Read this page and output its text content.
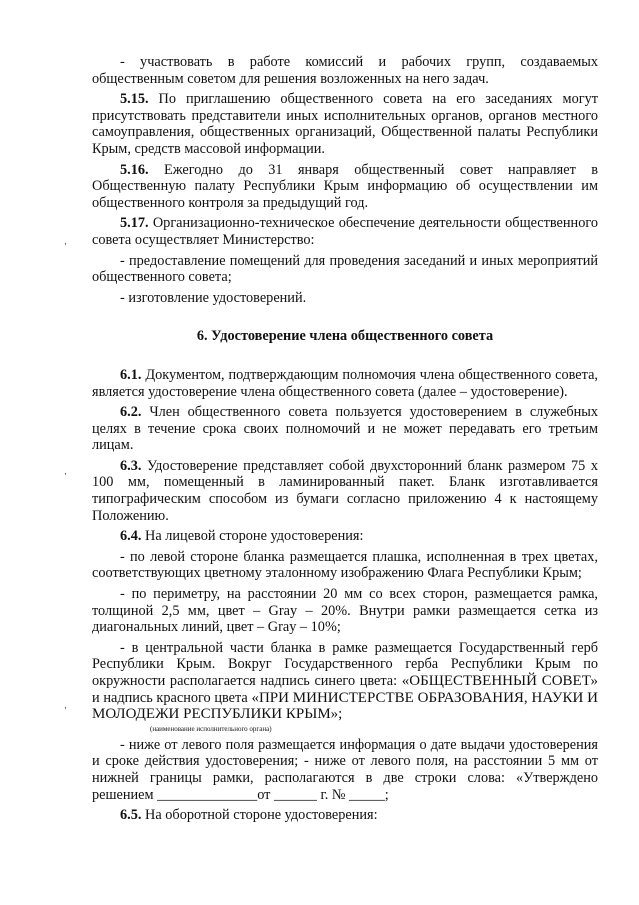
,
,
,

- участвовать в работе комиссий и рабочих групп, создаваемых общественным советом для решения возложенных на него задач.

5.15. По приглашению общественного совета на его заседаниях могут присутствовать представители иных исполнительных органов, органов местного самоуправления, общественных организаций, Общественной палаты Республики Крым, средств массовой информации.

5.16. Ежегодно до 31 января общественный совет направляет в Общественную палату Республики Крым информацию об осуществлении им общественного контроля за предыдущий год.

5.17. Организационно-техническое обеспечение деятельности общественного совета осуществляет Министерство:

- предоставление помещений для проведения заседаний и иных мероприятий общественного совета;

- изготовление удостоверений.

6. Удостоверение члена общественного совета

6.1. Документом, подтверждающим полномочия члена общественного совета, является удостоверение члена общественного совета (далее – удостоверение).

6.2. Член общественного совета пользуется удостоверением в служебных целях в течение срока своих полномочий и не может передавать его третьим лицам.

6.3. Удостоверение представляет собой двухсторонний бланк размером 75 х 100 мм, помещенный в ламинированный пакет. Бланк изготавливается типографическим способом из бумаги согласно приложению 4 к настоящему Положению.

6.4. На лицевой стороне удостоверения:

- по левой стороне бланка размещается плашка, исполненная в трех цветах, соответствующих цветному эталонному изображению Флага Республики Крым;

- по периметру, на расстоянии 20 мм со всех сторон, размещается рамка, толщиной 2,5 мм, цвет – Gray – 20%. Внутри рамки размещается сетка из диагональных линий, цвет – Gray – 10%;

- в центральной части бланка в рамке размещается Государственный герб Республики Крым. Вокруг Государственного герба Республики Крым по окружности располагается надпись синего цвета: «ОБЩЕСТВЕННЫЙ СОВЕТ» и надпись красного цвета «ПРИ МИНИСТЕРСТВЕ ОБРАЗОВАНИЯ, НАУКИ И МОЛОДЕЖИ РЕСПУБЛИКИ КРЫМ»;

(наименование исполнительного органа)

- ниже от левого поля размещается информация о дате выдачи удостоверения и сроке действия удостоверения; - ниже от левого поля, на расстоянии 5 мм от нижней границы рамки, располагаются в две строки слова: «Утверждено решением ______________от ______ г. № _____;

6.5. На оборотной стороне удостоверения:
